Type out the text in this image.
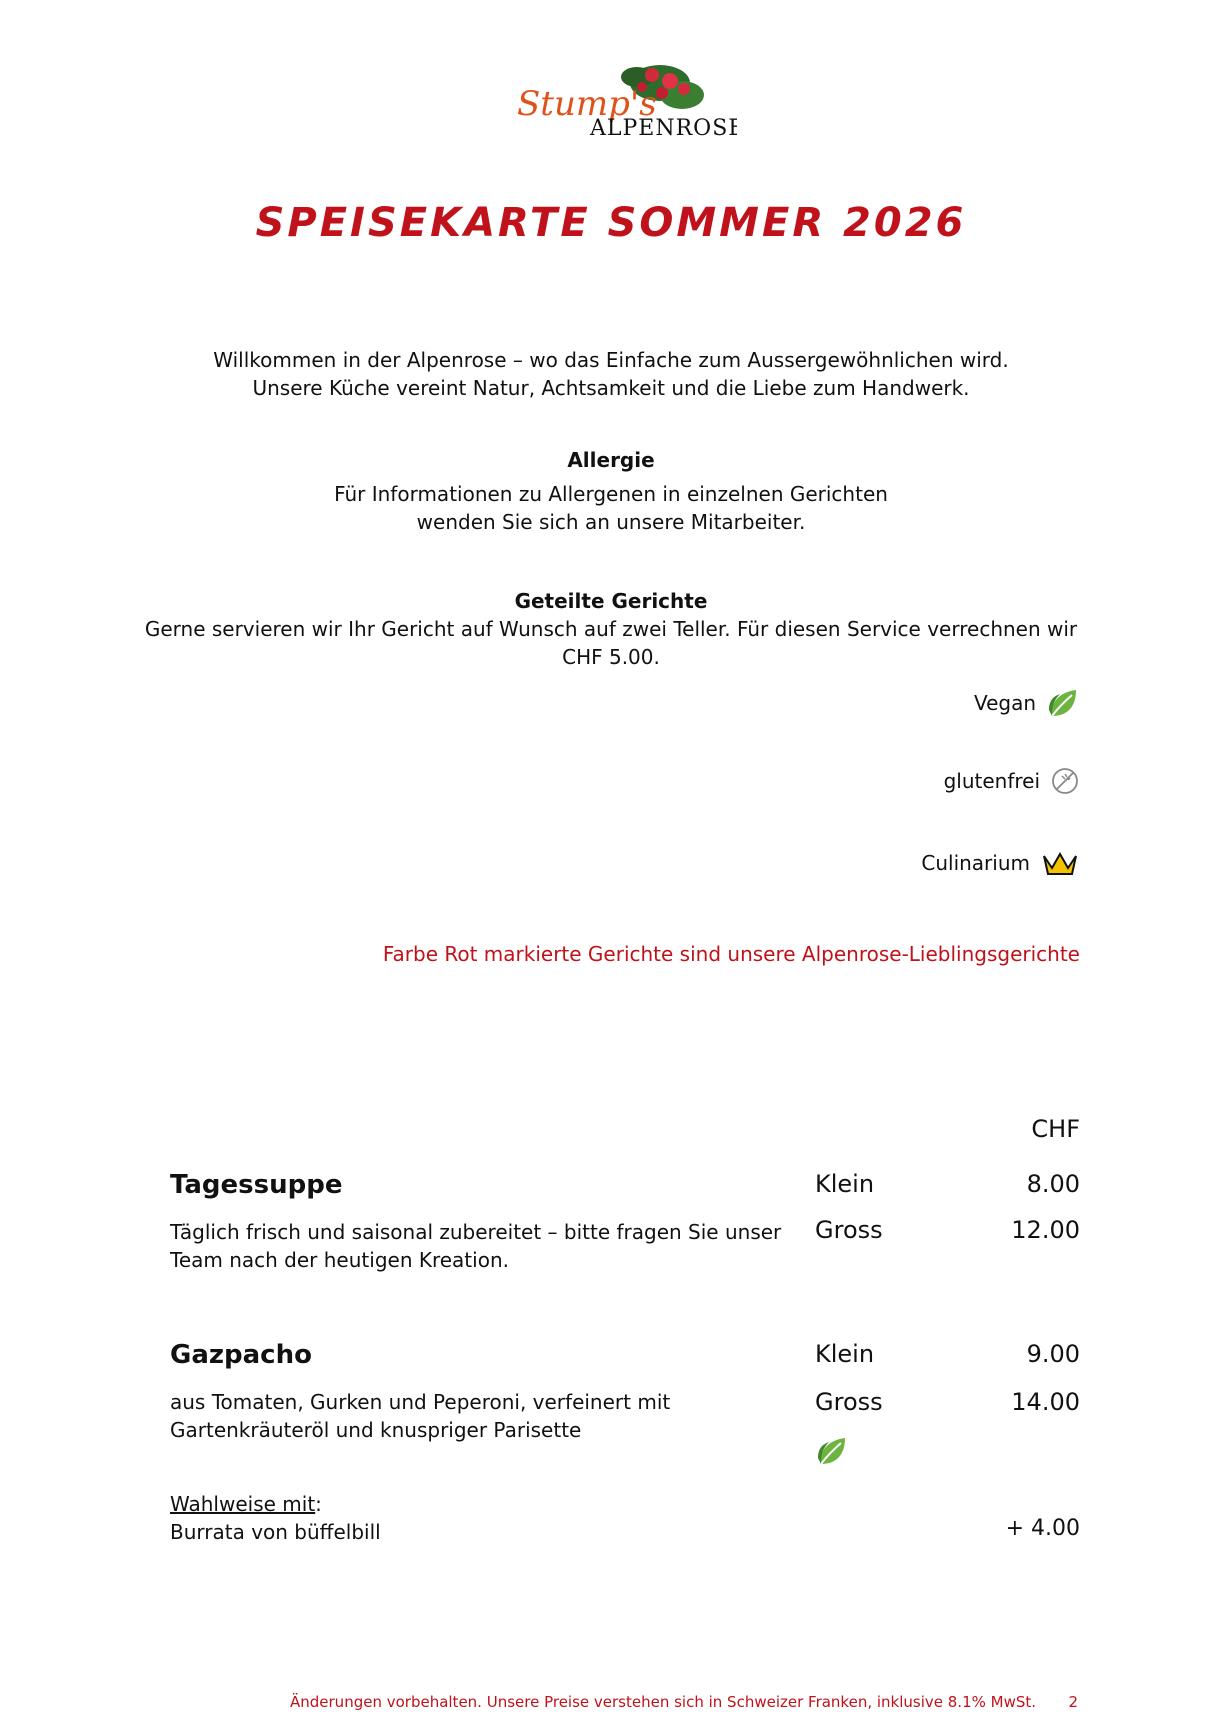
Stump's
ALPENROSE
SPEISEKARTE SOMMER 2026
Willkommen in der Alpenrose – wo das Einfache zum Aussergewöhnlichen wird.
Unsere Küche vereint Natur, Achtsamkeit und die Liebe zum Handwerk.
Allergie
Für Informationen zu Allergenen in einzelnen Gerichten
wenden Sie sich an unsere Mitarbeiter.
Geteilte Gerichte
Gerne servieren wir Ihr Gericht auf Wunsch auf zwei Teller. Für diesen Service verrechnen wir
CHF 5.00.
Vegan
glutenfrei
Culinarium
Farbe Rot markierte Gerichte sind unsere Alpenrose-Lieblingsgerichte
CHF
Tagessuppe
Täglich frisch und saisonal zubereitet – bitte fragen Sie unser
Team nach der heutigen Kreation.
Klein	8.00
Gross	12.00
Gazpacho
aus Tomaten, Gurken und Peperoni, verfeinert mit
Gartenkräuteröl und knuspriger Parisette
Klein	9.00
Gross	14.00
Wahlweise mit:
Burrata von büffelbill	+ 4.00
Änderungen vorbehalten. Unsere Preise verstehen sich in Schweizer Franken, inklusive 8.1% MwSt. 2
